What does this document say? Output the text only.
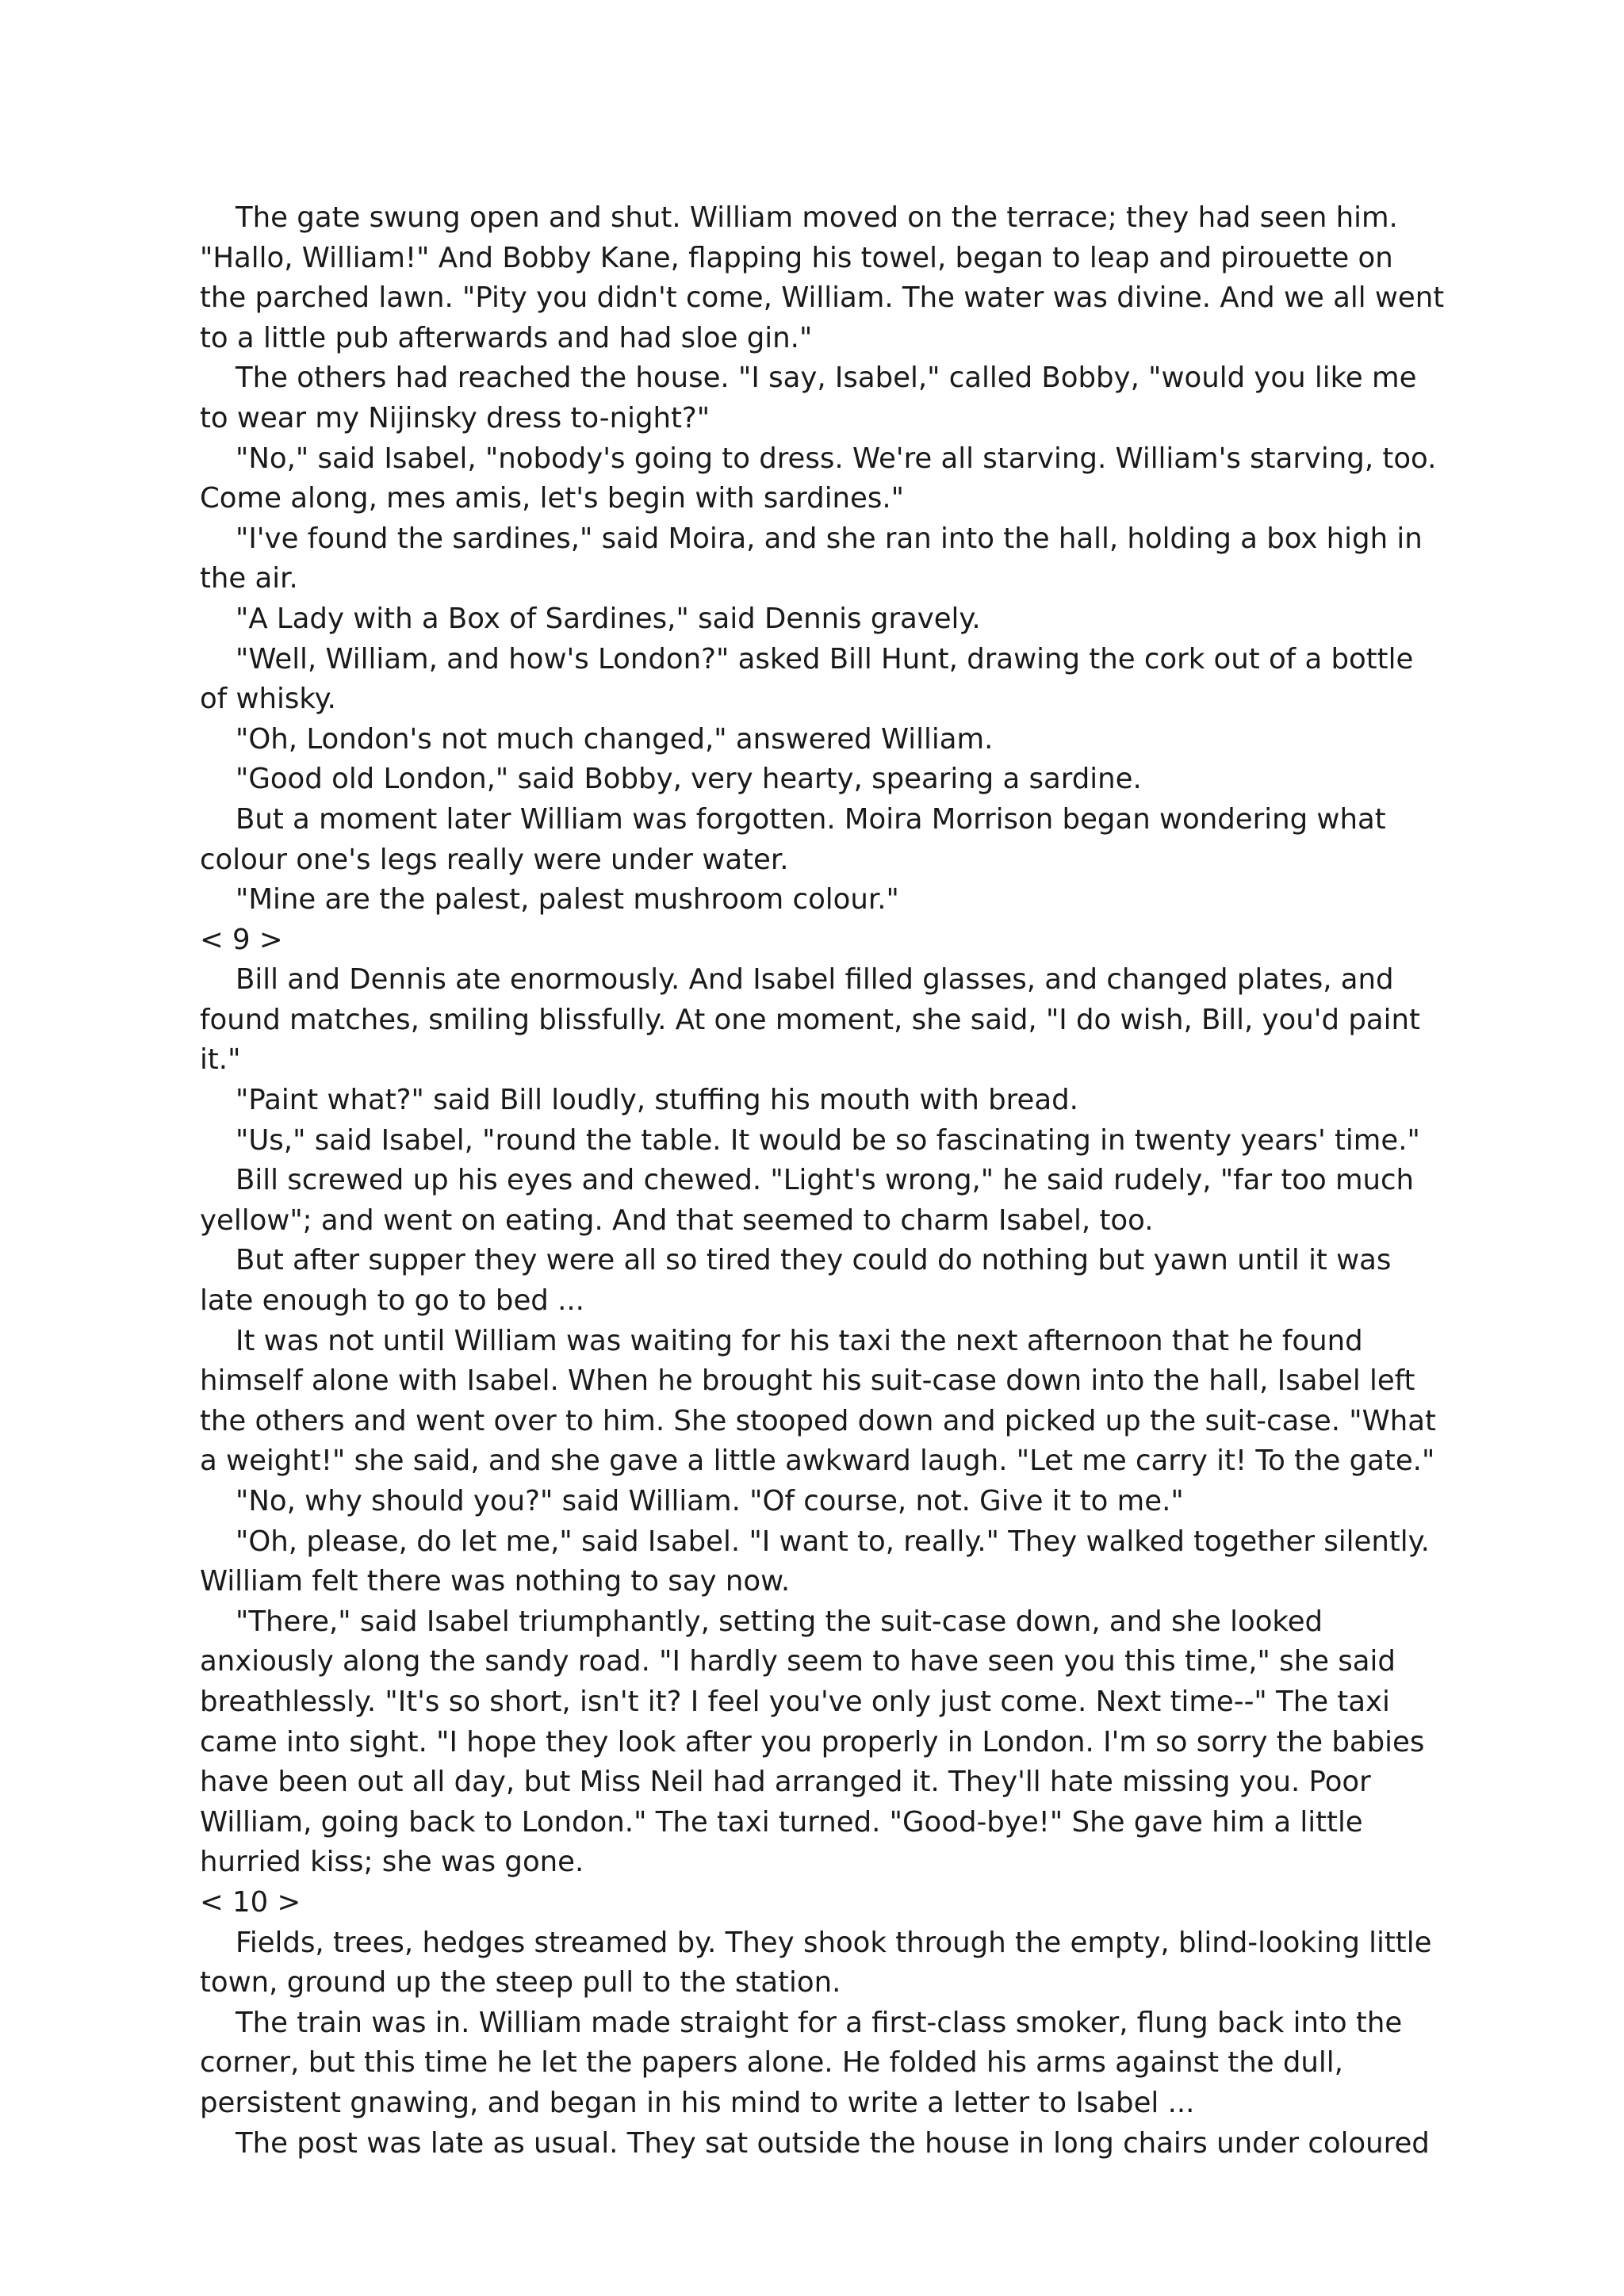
The gate swung open and shut. William moved on the terrace; they had seen him. "Hallo, William!" And Bobby Kane, flapping his towel, began to leap and pirouette on the parched lawn. "Pity you didn't come, William. The water was divine. And we all went to a little pub afterwards and had sloe gin."

The others had reached the house. "I say, Isabel," called Bobby, "would you like me to wear my Nijinsky dress to-night?"

"No," said Isabel, "nobody's going to dress. We're all starving. William's starving, too. Come along, mes amis, let's begin with sardines."

"I've found the sardines," said Moira, and she ran into the hall, holding a box high in the air.

"A Lady with a Box of Sardines," said Dennis gravely.

"Well, William, and how's London?" asked Bill Hunt, drawing the cork out of a bottle of whisky.

"Oh, London's not much changed," answered William.

"Good old London," said Bobby, very hearty, spearing a sardine.

But a moment later William was forgotten. Moira Morrison began wondering what colour one's legs really were under water.

"Mine are the palest, palest mushroom colour."

< 9 >

Bill and Dennis ate enormously. And Isabel filled glasses, and changed plates, and found matches, smiling blissfully. At one moment, she said, "I do wish, Bill, you'd paint it."

"Paint what?" said Bill loudly, stuffing his mouth with bread.

"Us," said Isabel, "round the table. It would be so fascinating in twenty years' time."

Bill screwed up his eyes and chewed. "Light's wrong," he said rudely, "far too much yellow"; and went on eating. And that seemed to charm Isabel, too.

But after supper they were all so tired they could do nothing but yawn until it was late enough to go to bed ...

It was not until William was waiting for his taxi the next afternoon that he found himself alone with Isabel. When he brought his suit-case down into the hall, Isabel left the others and went over to him. She stooped down and picked up the suit-case. "What a weight!" she said, and she gave a little awkward laugh. "Let me carry it! To the gate."

"No, why should you?" said William. "Of course, not. Give it to me."

"Oh, please, do let me," said Isabel. "I want to, really." They walked together silently. William felt there was nothing to say now.

"There," said Isabel triumphantly, setting the suit-case down, and she looked anxiously along the sandy road. "I hardly seem to have seen you this time," she said breathlessly. "It's so short, isn't it? I feel you've only just come. Next time--" The taxi came into sight. "I hope they look after you properly in London. I'm so sorry the babies have been out all day, but Miss Neil had arranged it. They'll hate missing you. Poor William, going back to London." The taxi turned. "Good-bye!" She gave him a little hurried kiss; she was gone.

< 10 >

Fields, trees, hedges streamed by. They shook through the empty, blind-looking little town, ground up the steep pull to the station.

The train was in. William made straight for a first-class smoker, flung back into the corner, but this time he let the papers alone. He folded his arms against the dull, persistent gnawing, and began in his mind to write a letter to Isabel ...

The post was late as usual. They sat outside the house in long chairs under coloured
